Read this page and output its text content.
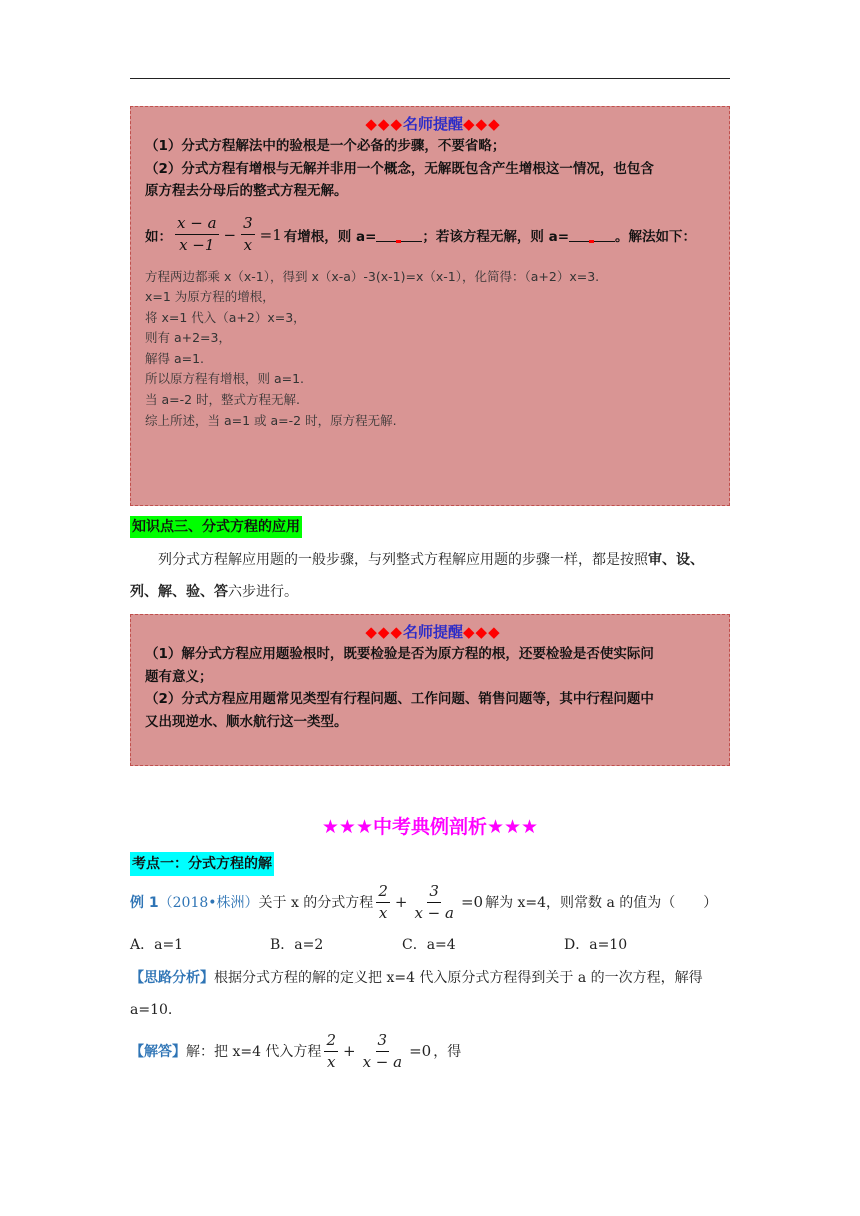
◆◆◆名师提醒◆◆◆
（1）分式方程解法中的验根是一个必备的步骤，不要省略；
（2）分式方程有增根与无解并非用一个概念，无解既包含产生增根这一情况，也包含
原方程去分母后的整式方程无解。
如： $\frac{x - a}{x -1} - \frac{3}{x} =1$ 有增根，则 a=	；若该方程无解，则 a=	。解法如下：
方程两边都乘 x（x-1），得到 x（x-a）-3(x-1)=x（x-1），化简得：（a+2）x=3.
x=1 为原方程的增根，
将 x=1 代入（a+2）x=3，
则有 a+2=3，
解得 a=1.
所以原方程有增根，则 a=1.
当 a=-2 时，整式方程无解.
综上所述，当 a=1 或 a=-2 时，原方程无解.
知识点三、分式方程的应用
列分式方程解应用题的一般步骤，与列整式方程解应用题的步骤一样，都是按照审、设、
列、解、验、答六步进行。
◆◆◆名师提醒◆◆◆
（1）解分式方程应用题验根时，既要检验是否为原方程的根，还要检验是否使实际问
题有意义；
（2）分式方程应用题常见类型有行程问题、工作问题、销售问题等，其中行程问题中
又出现逆水、顺水航行这一类型。
★★★中考典例剖析★★★
考点一：分式方程的解
例 1 （2018•株洲） 关于 x 的分式方程 $\frac{2}{x} + \frac{3}{x - a} =0$ 解为 x=4，则常数 a 的值为（　　）
A．a=1	B．a=2	C．a=4	D．a=10
【思路分析】根据分式方程的解的定义把 x=4 代入原分式方程得到关于 a 的一次方程，解得
a=10.
【解答】 解：把 x=4 代入方程 $\frac{2}{x} + \frac{3}{x - a} =0$ ，得
